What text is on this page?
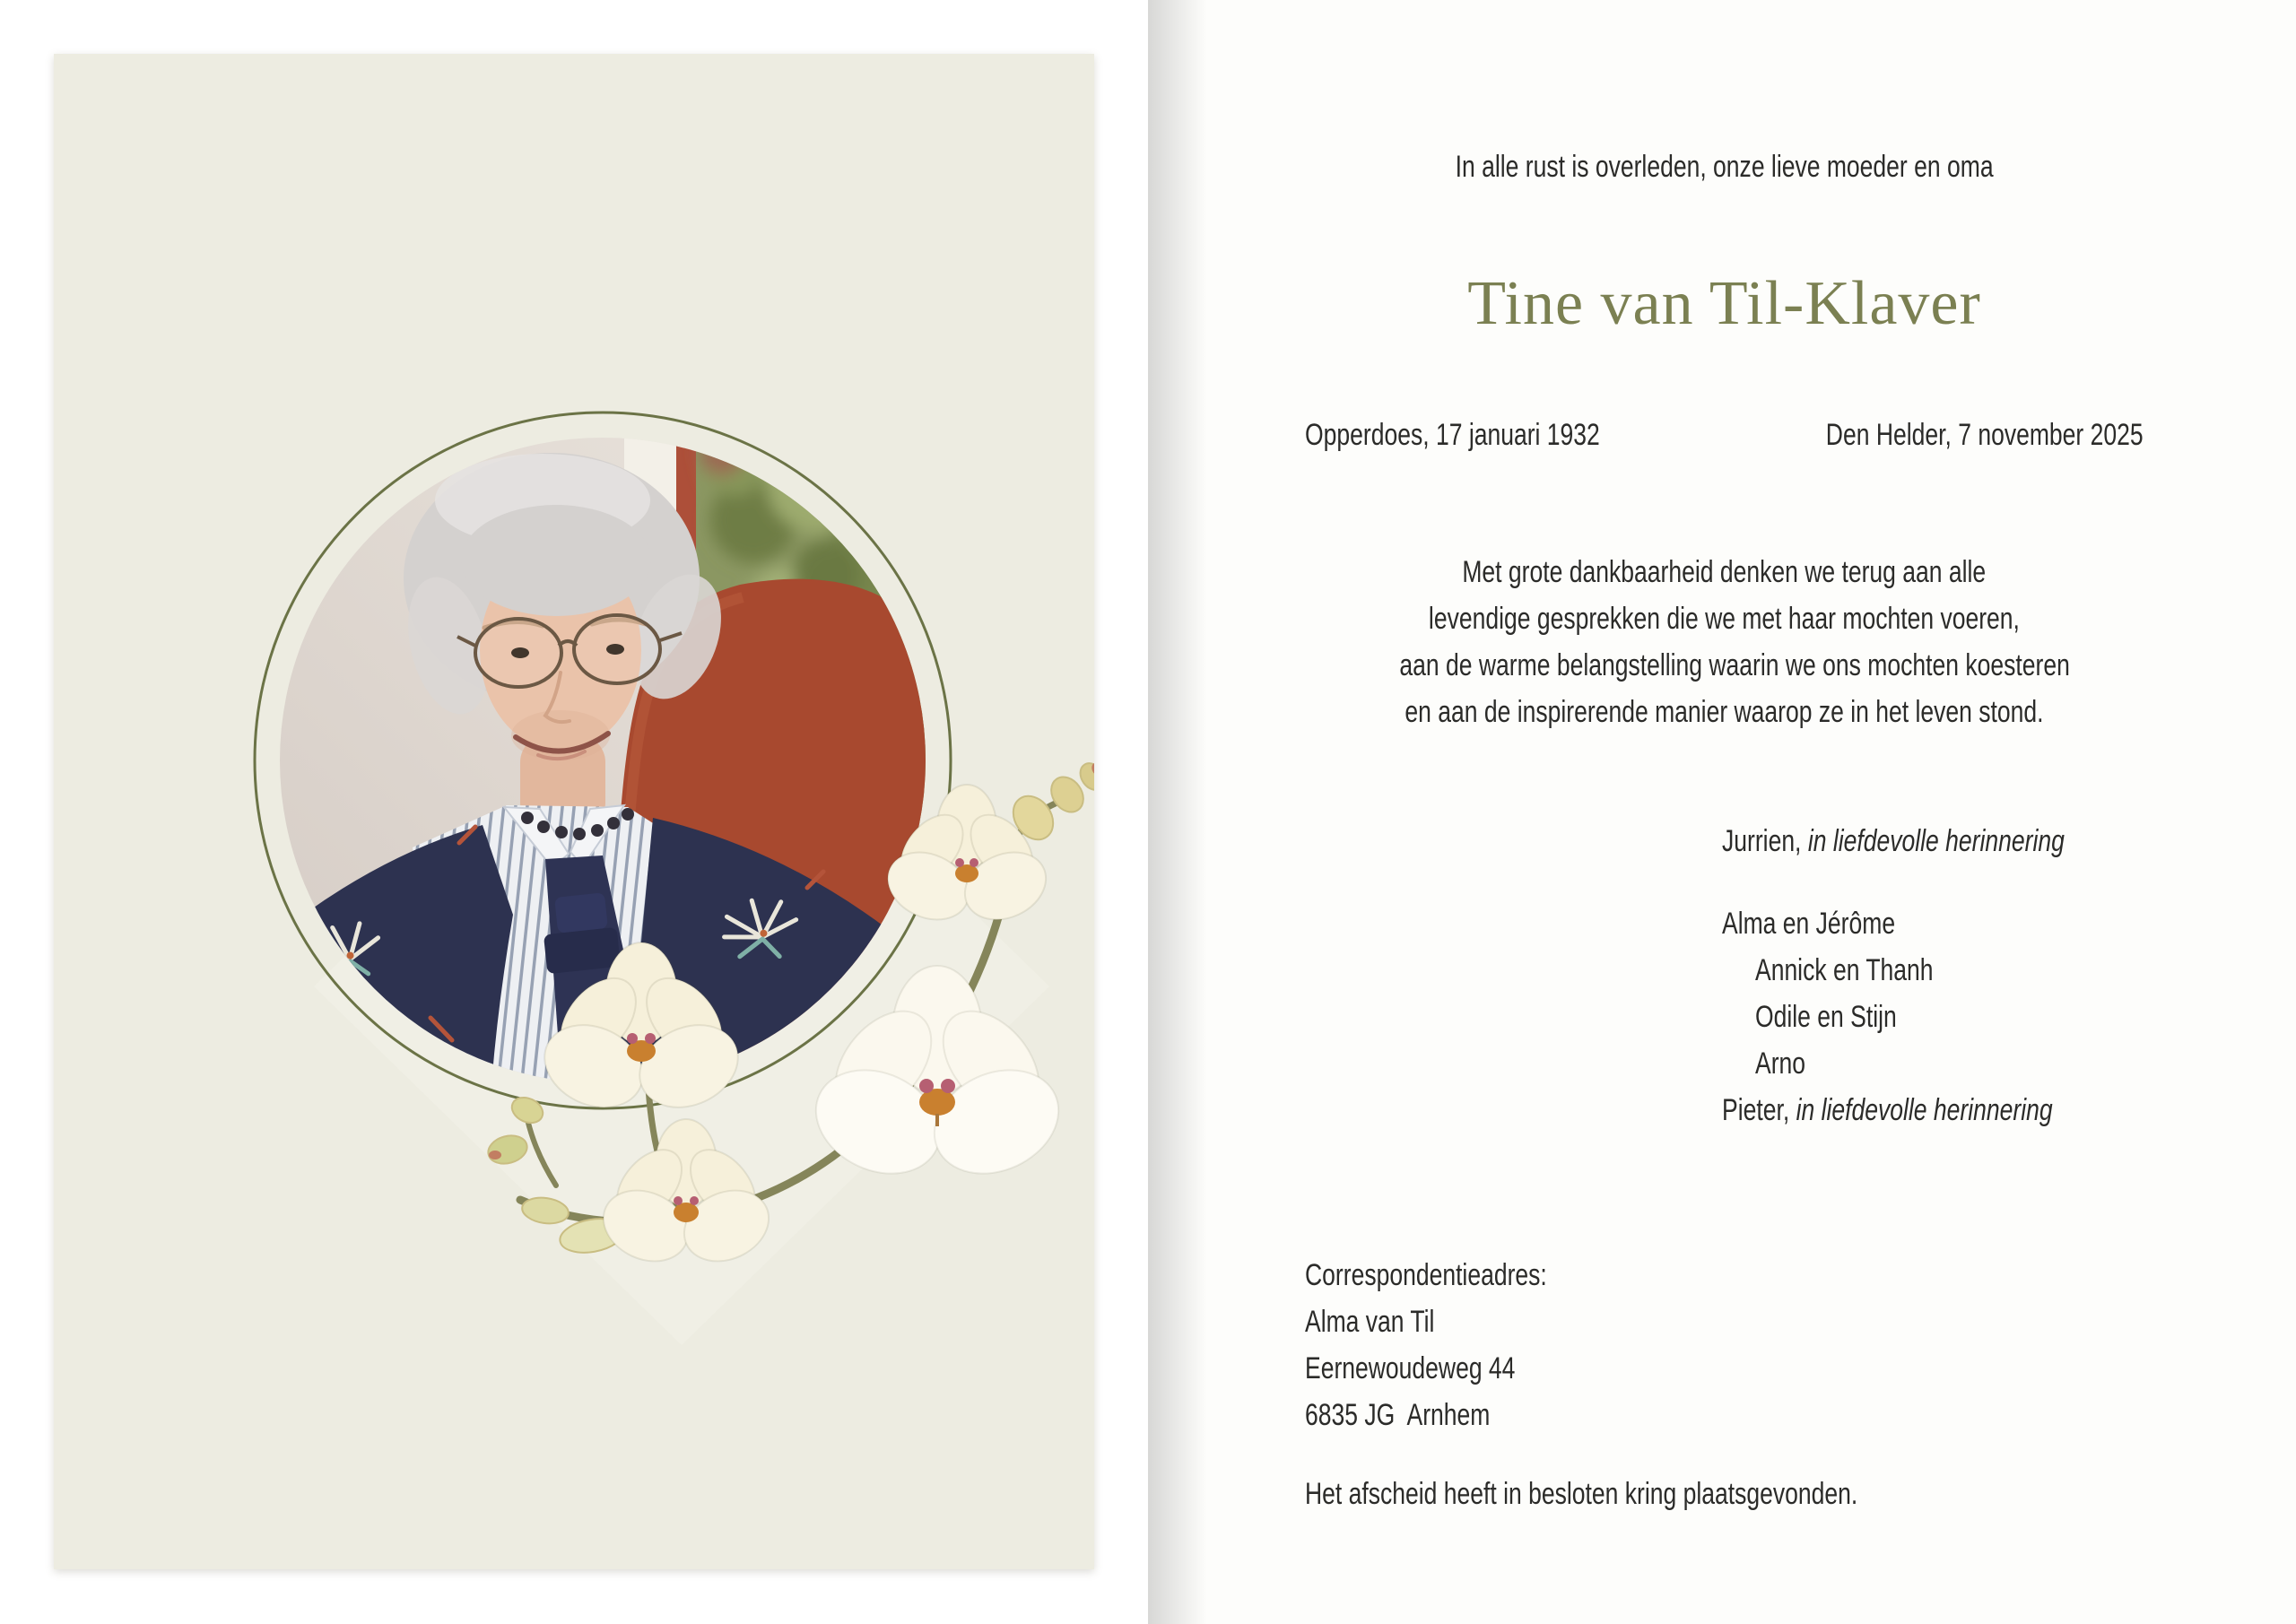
In alle rust is overleden, onze lieve moeder en oma

Tine van Til-Klaver
Opperdoes, 17 januari 1932	Den Helder, 7 november 2025
Met grote dankbaarheid denken we terug aan alle
levendige gesprekken die we met haar mochten voeren,
aan de warme belangstelling waarin we ons mochten koesteren
en aan de inspirerende manier waarop ze in het leven stond.
Jurrien, in liefdevolle herinnering
Alma en Jérôme
Annick en Thanh
Odile en Stijn
Arno
Pieter, in liefdevolle herinnering
Correspondentieadres:
Alma van Til
Eernewoudeweg 44
6835 JG  Arnhem

Het afscheid heeft in besloten kring plaatsgevonden.
